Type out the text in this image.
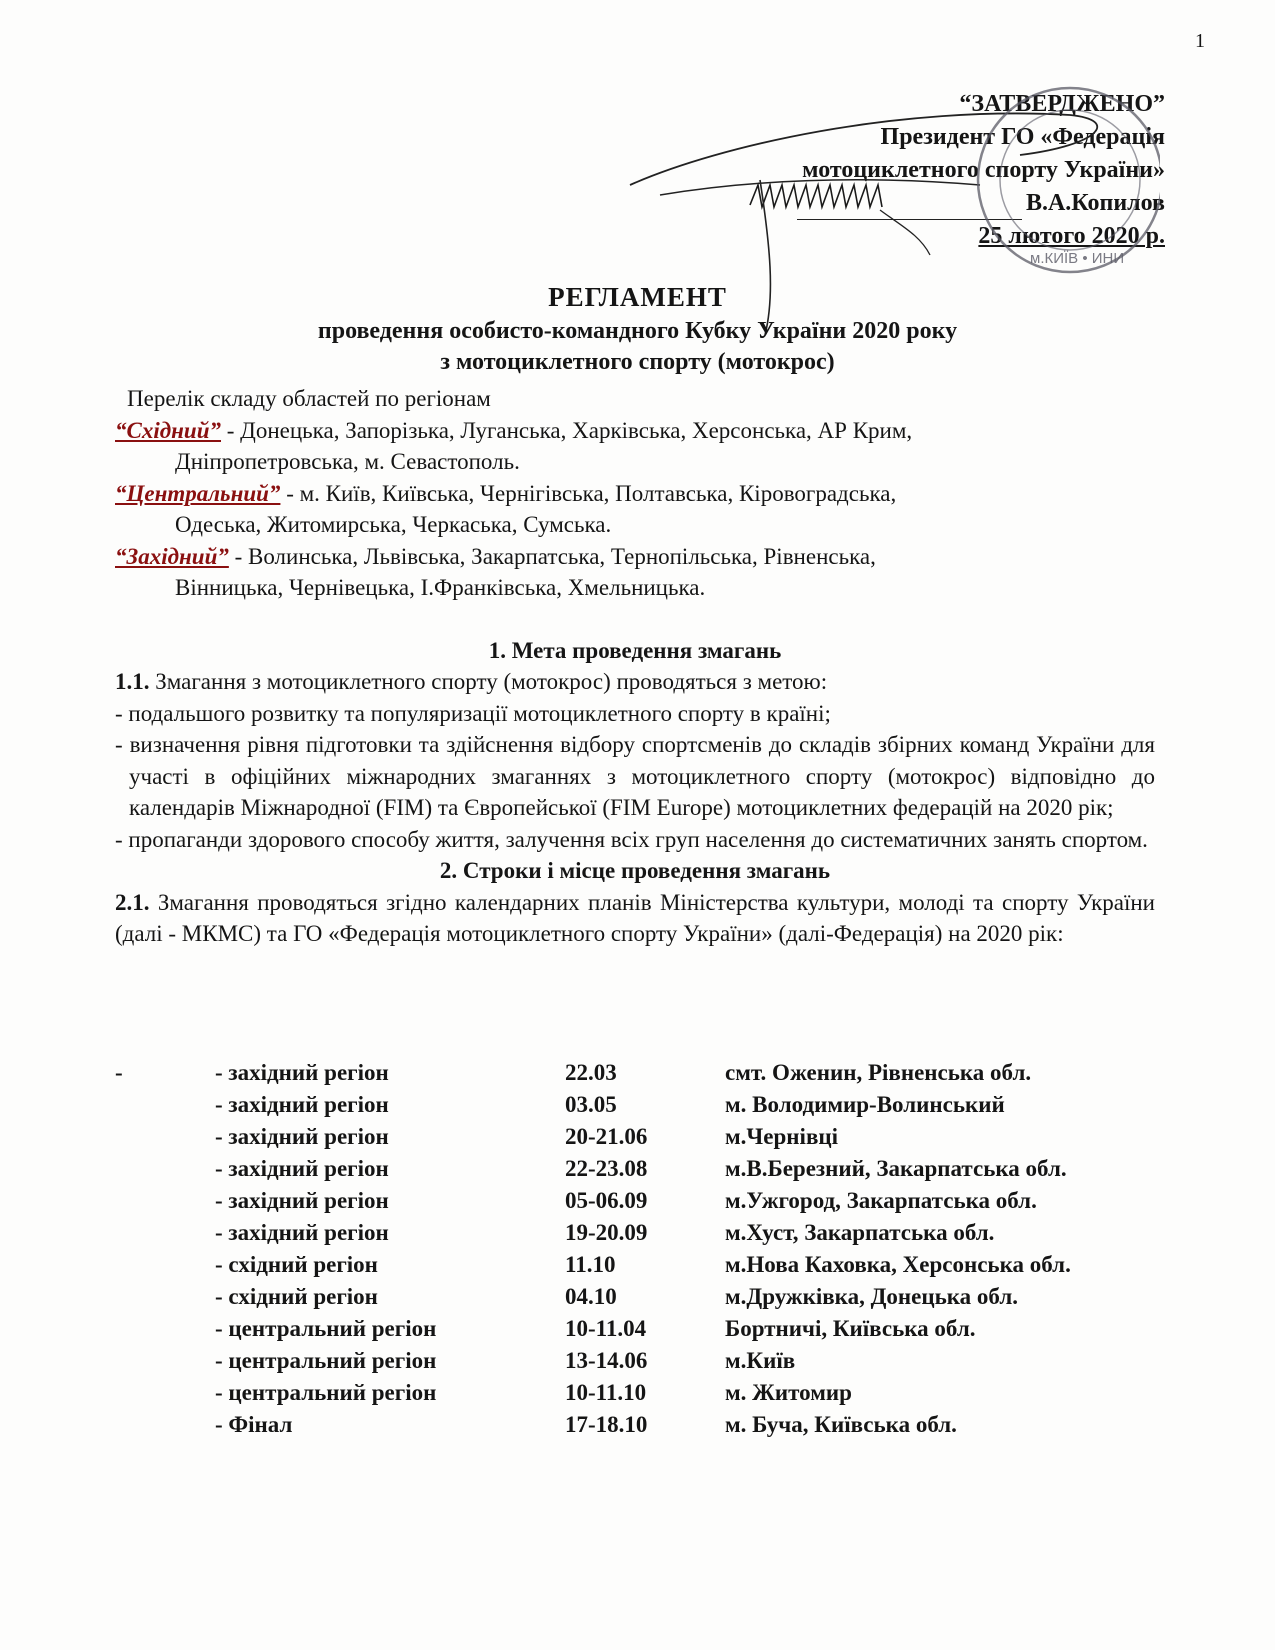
1
“ЗАТВЕРДЖЕНО”
Президент ГО «Федерація
мотоциклетного спорту України»
В.А.Копилов
25 лютого 2020 р.
м.КИЇВ • ИНИ
РЕГЛАМЕНТ
проведення особисто-командного Кубку України 2020 року
з мотоциклетного спорту (мотокрос)
Перелік складу областей по регіонам
“Східний” - Донецька, Запорізька, Луганська, Харківська, Херсонська, АР Крим,
Дніпропетровська, м. Севастополь.
“Центральний” - м. Київ, Київська, Чернігівська, Полтавська, Кіровоградська,
Одеська, Житомирська, Черкаська, Сумська.
“Західний” - Волинська, Львівська, Закарпатська, Тернопільська, Рівненська,
Вінницька, Чернівецька, І.Франківська, Хмельницька.
1. Мета проведення змагань
1.1. Змагання з мотоциклетного спорту (мотокрос) проводяться з метою:
- подальшого розвитку та популяризації мотоциклетного спорту в країні;
- визначення рівня підготовки та здійснення відбору спортсменів до складів збірних команд України для участі в офіційних міжнародних змаганнях з мотоциклетного спорту (мотокрос) відповідно до календарів Міжнародної (FIM) та Європейської (FIM Europe) мотоциклетних федерацій на 2020 рік;
- пропаганди здорового способу життя, залучення всіх груп населення до систематичних занять спортом.
2. Строки і місце проведення змагань
2.1. Змагання проводяться згідно календарних планів Міністерства культури, молоді та спорту України (далі - МКМС) та ГО «Федерація мотоциклетного спорту України» (далі-Федерація) на 2020 рік:
-	- західний регіон	22.03	смт. Оженин, Рівненська обл.
- західний регіон	03.05	м. Володимир-Волинський
- західний регіон	20-21.06	м.Чернівці
- західний регіон	22-23.08	м.В.Березний, Закарпатська обл.
- західний регіон	05-06.09	м.Ужгород, Закарпатська обл.
- західний регіон	19-20.09	м.Хуст, Закарпатська обл.
- східний регіон	11.10	м.Нова Каховка, Херсонська обл.
- східний регіон	04.10	м.Дружківка, Донецька обл.
- центральний регіон	10-11.04	Бортничі, Київська обл.
- центральний регіон	13-14.06	м.Київ
- центральний регіон	10-11.10	м. Житомир
- Фінал	17-18.10	м. Буча, Київська обл.
